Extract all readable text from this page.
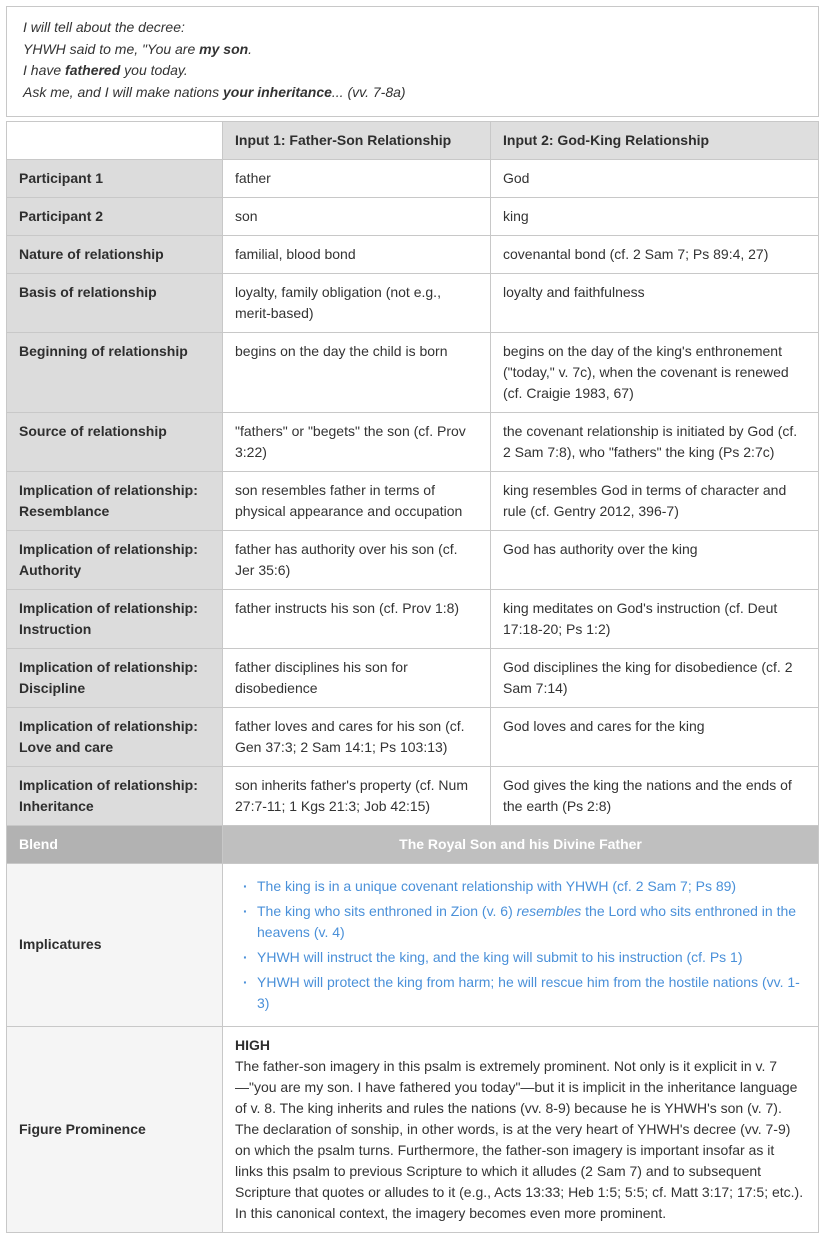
I will tell about the decree:
YHWH said to me, "You are my son.
I have fathered you today.
Ask me, and I will make nations your inheritance... (vv. 7-8a)
	Input 1: Father-Son Relationship	Input 2: God-King Relationship
Participant 1	father	God
Participant 2	son	king
Nature of relationship	familial, blood bond	covenantal bond (cf. 2 Sam 7; Ps 89:4, 27)
Basis of relationship	loyalty, family obligation (not e.g., merit-based)	loyalty and faithfulness
Beginning of relationship	begins on the day the child is born	begins on the day of the king's enthronement ("today," v. 7c), when the covenant is renewed (cf. Craigie 1983, 67)
Source of relationship	"fathers" or "begets" the son (cf. Prov 3:22)	the covenant relationship is initiated by God (cf. 2 Sam 7:8), who "fathers" the king (Ps 2:7c)
Implication of relationship: Resemblance	son resembles father in terms of physical appearance and occupation	king resembles God in terms of character and rule (cf. Gentry 2012, 396-7)
Implication of relationship: Authority	father has authority over his son (cf. Jer 35:6)	God has authority over the king
Implication of relationship: Instruction	father instructs his son (cf. Prov 1:8)	king meditates on God's instruction (cf. Deut 17:18-20; Ps 1:2)
Implication of relationship: Discipline	father disciplines his son for disobedience	God disciplines the king for disobedience (cf. 2 Sam 7:14)
Implication of relationship: Love and care	father loves and cares for his son (cf. Gen 37:3; 2 Sam 14:1; Ps 103:13)	God loves and cares for the king
Implication of relationship: Inheritance	son inherits father's property (cf. Num 27:7-11; 1 Kgs 21:3; Job 42:15)	God gives the king the nations and the ends of the earth (Ps 2:8)
Blend	The Royal Son and his Divine Father	
Implicatures	
· The king is in a unique covenant relationship with YHWH (cf. 2 Sam 7; Ps 89)
· The king who sits enthroned in Zion (v. 6) resembles the Lord who sits enthroned in the heavens (v. 4)
· YHWH will instruct the king, and the king will submit to his instruction (cf. Ps 1)
· YHWH will protect the king from harm; he will rescue him from the hostile nations (vv. 1-3)

Figure Prominence	HIGH
The father-son imagery in this psalm is extremely prominent. Not only is it explicit in v. 7—"you are my son. I have fathered you today"—but it is implicit in the inheritance language of v. 8. The king inherits and rules the nations (vv. 8-9) because he is YHWH's son (v. 7). The declaration of sonship, in other words, is at the very heart of YHWH's decree (vv. 7-9) on which the psalm turns. Furthermore, the father-son imagery is important insofar as it links this psalm to previous Scripture to which it alludes (2 Sam 7) and to subsequent Scripture that quotes or alludes to it (e.g., Acts 13:33; Heb 1:5; 5:5; cf. Matt 3:17; 17:5; etc.). In this canonical context, the imagery becomes even more prominent.	
